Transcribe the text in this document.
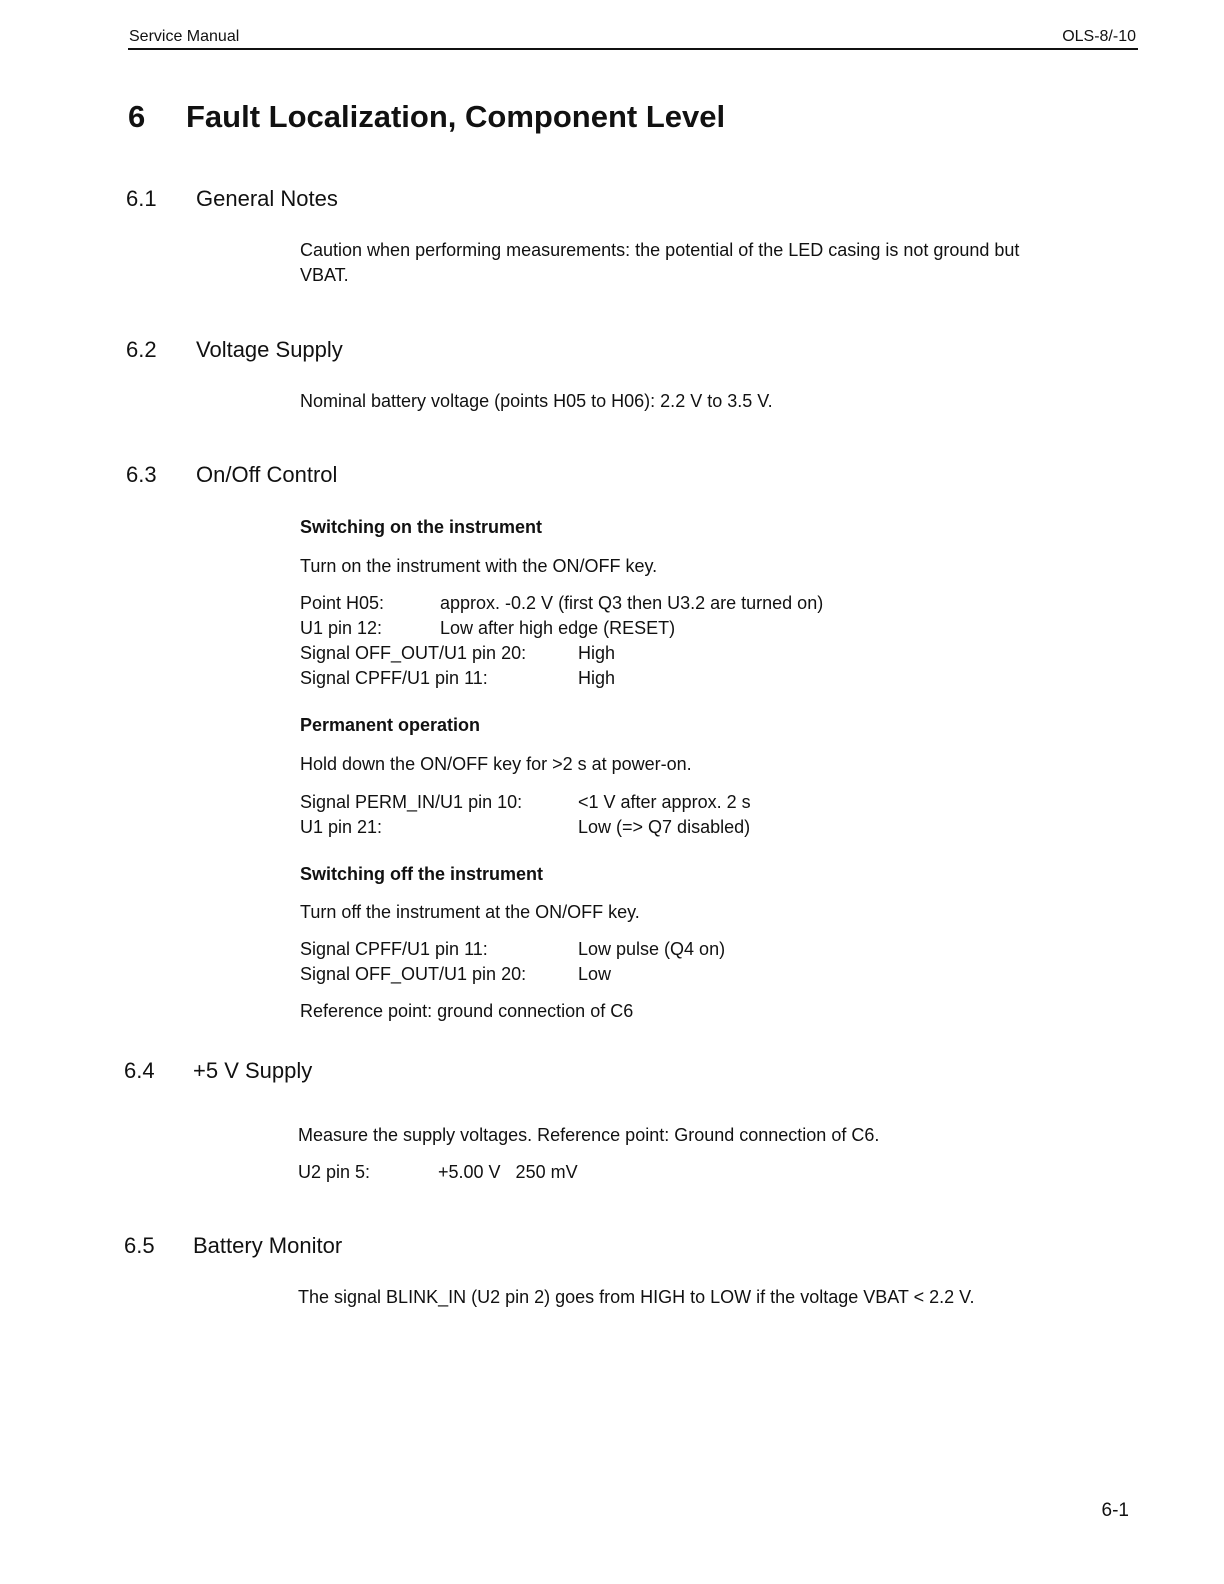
Service Manual	OLS-8/-10
6 Fault Localization, Component Level
6.1 General Notes
Caution when performing measurements: the potential of the LED casing is not ground but
VBAT.
6.2 Voltage Supply
Nominal battery voltage (points H05 to H06): 2.2 V to 3.5 V.
6.3 On/Off Control
Switching on the instrument
Turn on the instrument with the ON/OFF key.
Point H05:	approx. -0.2 V (first Q3 then U3.2 are turned on)
U1 pin 12:	Low after high edge (RESET)
Signal OFF_OUT/U1 pin 20:	High
Signal CPFF/U1 pin 11:	High
Permanent operation
Hold down the ON/OFF key for >2 s at power-on.
Signal PERM_IN/U1 pin 10:	<1 V after approx. 2 s
U1 pin 21:	Low (=> Q7 disabled)
Switching off the instrument
Turn off the instrument at the ON/OFF key.
Signal CPFF/U1 pin 11:	Low pulse (Q4 on)
Signal OFF_OUT/U1 pin 20:	Low
Reference point: ground connection of C6
6.4 +5 V Supply
Measure the supply voltages. Reference point: Ground connection of C6.
U2 pin 5:	+5.00 V   250 mV
6.5 Battery Monitor
The signal BLINK_IN (U2 pin 2) goes from HIGH to LOW if the voltage VBAT < 2.2 V.
6-1
